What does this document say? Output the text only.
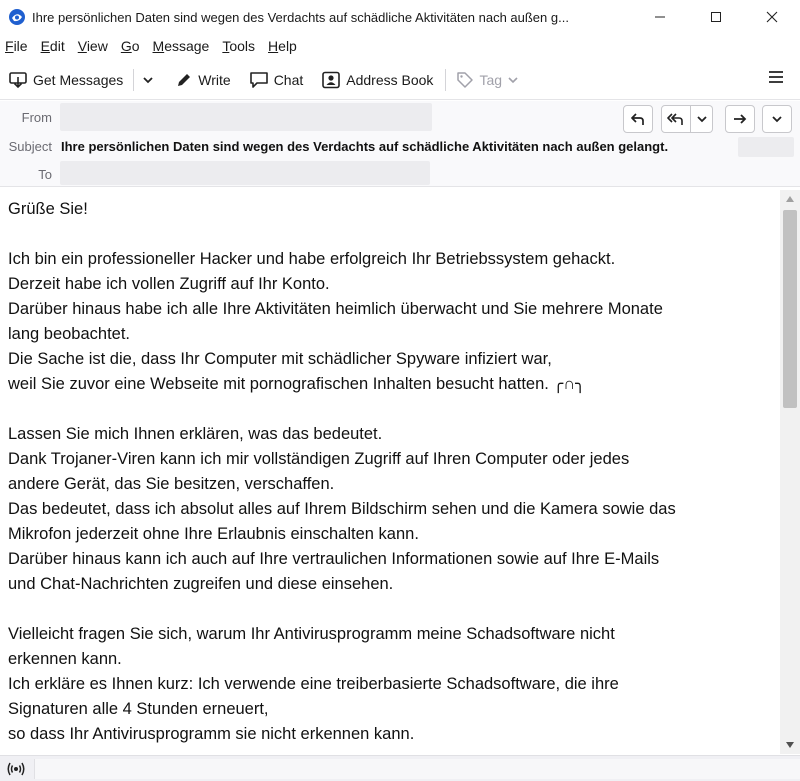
Ihre persönlichen Daten sind wegen des Verdachts auf schädliche Aktivitäten nach außen g...
File Edit View Go Message Tools Help
Get Messages	Write	Chat	Address Book	Tag
From
Subject Ihre persönlichen Daten sind wegen des Verdachts auf schädliche Aktivitäten nach außen gelangt.
To

Grüße Sie!

Ich bin ein professioneller Hacker und habe erfolgreich Ihr Betriebssystem gehackt.

Derzeit habe ich vollen Zugriff auf Ihr Konto.

Darüber hinaus habe ich alle Ihre Aktivitäten heimlich überwacht und Sie mehrere Monate

lang beobachtet.

Die Sache ist die, dass Ihr Computer mit schädlicher Spyware infiziert war,

weil Sie zuvor eine Webseite mit pornografischen Inhalten besucht hatten. ╭∩╮

Lassen Sie mich Ihnen erklären, was das bedeutet.

Dank Trojaner-Viren kann ich mir vollständigen Zugriff auf Ihren Computer oder jedes

andere Gerät, das Sie besitzen, verschaffen.

Das bedeutet, dass ich absolut alles auf Ihrem Bildschirm sehen und die Kamera sowie das

Mikrofon jederzeit ohne Ihre Erlaubnis einschalten kann.

Darüber hinaus kann ich auch auf Ihre vertraulichen Informationen sowie auf Ihre E-Mails

und Chat-Nachrichten zugreifen und diese einsehen.

Vielleicht fragen Sie sich, warum Ihr Antivirusprogramm meine Schadsoftware nicht

erkennen kann.

Ich erkläre es Ihnen kurz: Ich verwende eine treiberbasierte Schadsoftware, die ihre

Signaturen alle 4 Stunden erneuert,

so dass Ihr Antivirusprogramm sie nicht erkennen kann.
